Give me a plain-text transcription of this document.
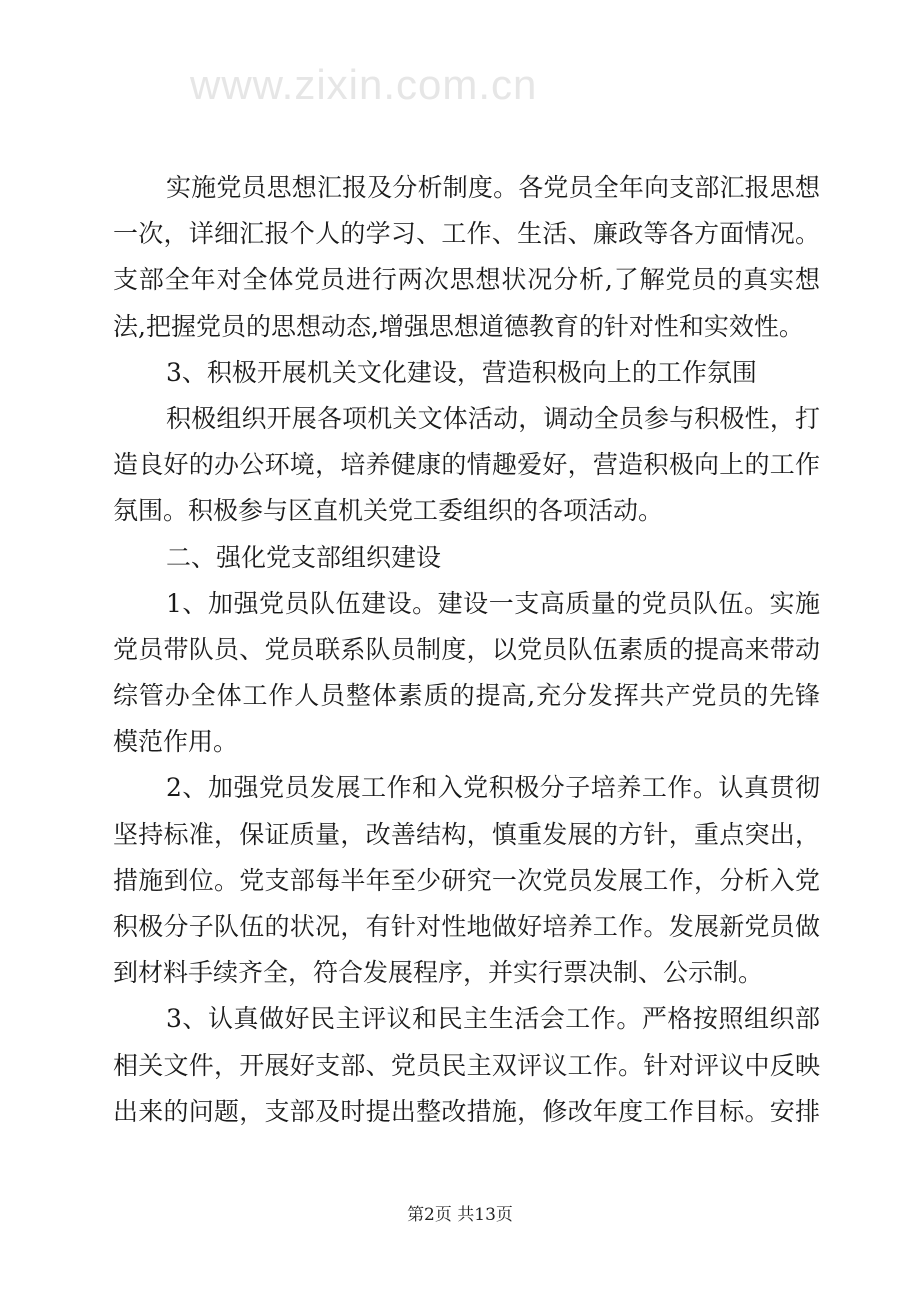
实施党员思想汇报及分析制度。各党员全年向支部汇报思想
一次，详细汇报个人的学习、工作、生活、廉政等各方面情况。
支部全年对全体党员进行两次思想状况分析,了解党员的真实想
法,把握党员的思想动态,增强思想道德教育的针对性和实效性。
3、积极开展机关文化建设，营造积极向上的工作氛围
积极组织开展各项机关文体活动，调动全员参与积极性，打
造良好的办公环境，培养健康的情趣爱好，营造积极向上的工作
氛围。积极参与区直机关党工委组织的各项活动。
二、强化党支部组织建设
1、加强党员队伍建设。建设一支高质量的党员队伍。实施
党员带队员、党员联系队员制度，以党员队伍素质的提高来带动
综管办全体工作人员整体素质的提高,充分发挥共产党员的先锋
模范作用。
2、加强党员发展工作和入党积极分子培养工作。认真贯彻
坚持标准，保证质量，改善结构，慎重发展的方针，重点突出，
措施到位。党支部每半年至少研究一次党员发展工作，分析入党
积极分子队伍的状况，有针对性地做好培养工作。发展新党员做
到材料手续齐全，符合发展程序，并实行票决制、公示制。
3、认真做好民主评议和民主生活会工作。严格按照组织部
相关文件，开展好支部、党员民主双评议工作。针对评议中反映
出来的问题，支部及时提出整改措施，修改年度工作目标。安排
www.zixin.com.cn
第2页 共13页
